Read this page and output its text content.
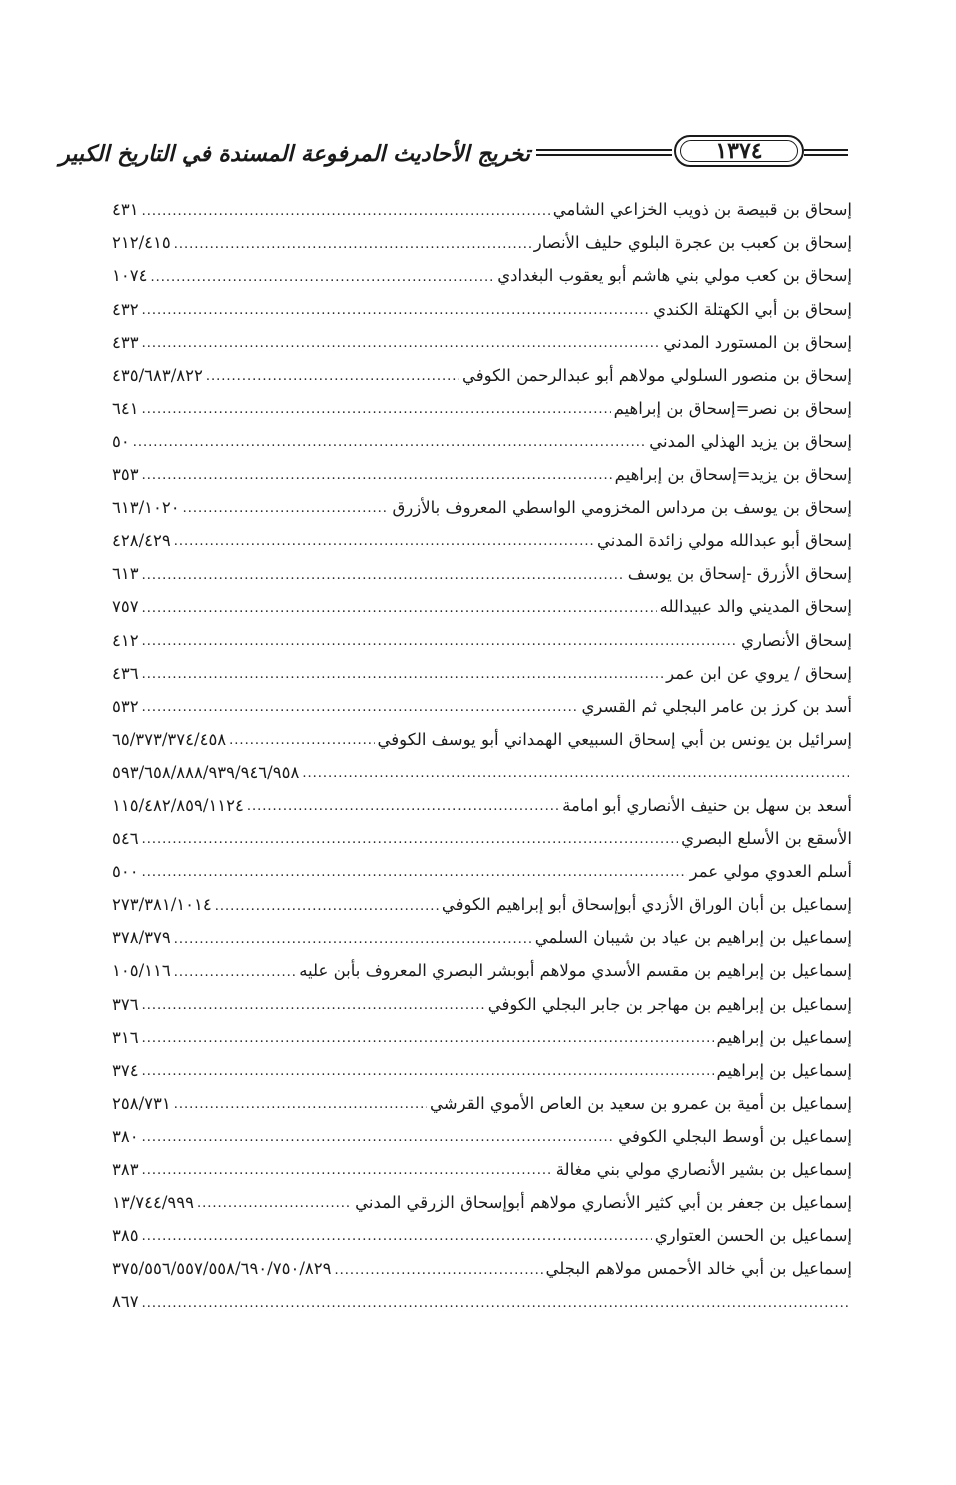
١٣٧٤
تخريج الأحاديث المرفوعة المسندة في التاريخ الكبير
إسحاق بن قبيصة بن ذويب الخزاعي الشامي
.....
٤٣١
إسحاق بن كعبب بن عجرة البلوي حليف الأنصار
.....
٢١٢/٤١٥
إسحاق بن كعب مولي بني هاشم أبو يعقوب البغدادي
.....
١٠٧٤
إسحاق بن أبي الكهتلة الكندي
.....
٤٣٢
إسحاق بن المستورد المدني
.....
٤٣٣
إسحاق بن منصور السلولي مولاهم أبو عبدالرحمن الكوفي
.....
٤٣٥/٦٨٣/٨٢٢
إسحاق بن نصر=إسحاق بن إبراهيم
.....
٦٤١
إسحاق بن يزيد الهذلي المدني
.....
٥٠
إسحاق بن يزيد=إسحاق بن إبراهيم
.....
٣٥٣
إسحاق بن يوسف بن مرداس المخزومي الواسطي المعروف بالأزرق
.....
٦١٣/١٠٢٠
إسحاق أبو عبدالله مولي زائدة المدني
.....
٤٢٨/٤٢٩
إسحاق الأزرق -إسحاق بن يوسف
.....
٦١٣
إسحاق المديني والد عبيدالله
.....
٧٥٧
إسحاق الأنصاري
.....
٤١٢
إسحاق / يروي عن ابن عمر
.....
٤٣٦
أسد بن كرز بن عامر البجلي ثم القسري
.....
٥٣٢
إسرائيل بن يونس بن أبي إسحاق السبيعي الهمداني أبو يوسف الكوفي
.....
٦٥/٣٧٣/٣٧٤/٤٥٨
.....
٥٩٣/٦٥٨/٨٨٨/٩٣٩/٩٤٦/٩٥٨
أسعد بن سهل بن حنيف الأنصاري أبو امامة
.....
١١٥/٤٨٢/٨٥٩/١١٢٤
الأسقع بن الأسلع البصري
.....
٥٤٦
أسلم العدوي مولي عمر
.....
٥٠٠
إسماعيل بن أبان الوراق الأزدي أبوإسحاق أبو إبراهيم الكوفي
.....
٢٧٣/٣٨١/١٠١٤
إسماعيل بن إبراهيم بن عياد بن شيبان السلمي
.....
٣٧٨/٣٧٩
إسماعيل بن إبراهيم بن مقسم الأسدي مولاهم أبوبشر البصري المعروف بأبن عليه
.....
١٠٥/١١٦
إسماعيل بن إبراهيم بن مهاجر بن جابر البجلي الكوفي
.....
٣٧٦
إسماعيل بن إبراهيم
.....
٣١٦
إسماعيل بن إبراهيم
.....
٣٧٤
إسماعيل بن أمية بن عمرو بن سعيد بن العاص الأموي القرشي
.....
٢٥٨/٧٣١
إسماعيل بن أوسط البجلي الكوفي
.....
٣٨٠
إسماعيل بن بشير الأنصاري مولي بني مغالة
.....
٣٨٣
إسماعيل بن جعفر بن أبي كثير الأنصاري مولاهم أبوإسحاق الزرقي المدني
.....
١٣/٧٤٤/٩٩٩
إسماعيل بن الحسن العتواري
.....
٣٨٥
إسماعيل بن أبي خالد الأحمس مولاهم البجلي
.....
٣٧٥/٥٥٦/٥٥٧/٥٥٨/٦٩٠/٧٥٠/٨٢٩
.....
٨٦٧
